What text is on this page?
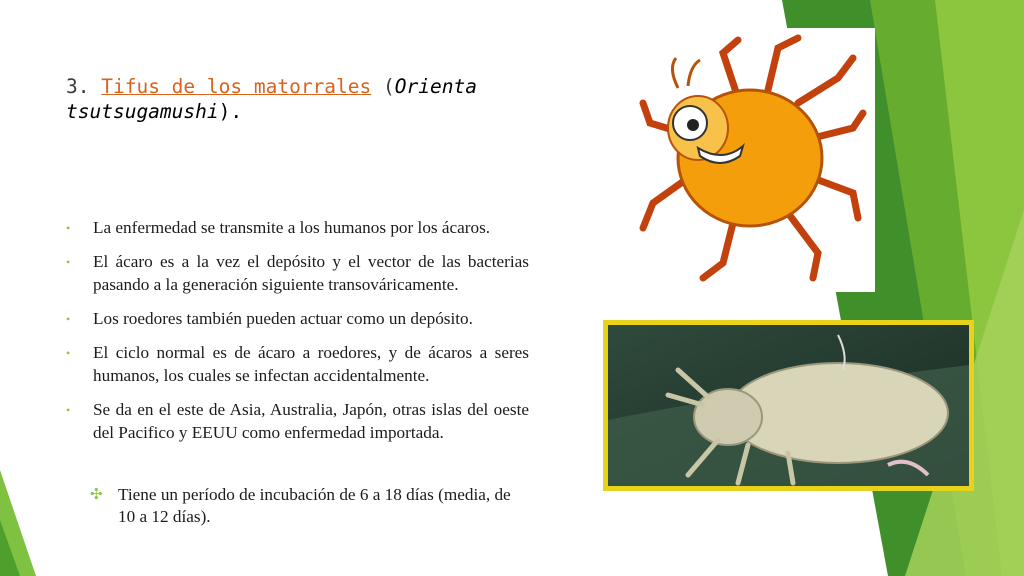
3. Tifus de los matorrales (Orienta tsutsugamushi).
• La enfermedad se transmite a los humanos por los ácaros.
• El ácaro es a la vez el depósito y el vector de las bacterias pasando a la generación siguiente transováricamente.
• Los roedores también pueden actuar como un depósito.
• El ciclo normal es de ácaro a roedores, y de ácaros a seres humanos, los cuales se infectan accidentalmente.
• Se da en el este de Asia, Australia, Japón, otras islas del oeste del Pacifico y EEUU como enfermedad importada.
✣ Tiene un período de incubación de 6 a 18 días (media, de 10 a 12 días).
